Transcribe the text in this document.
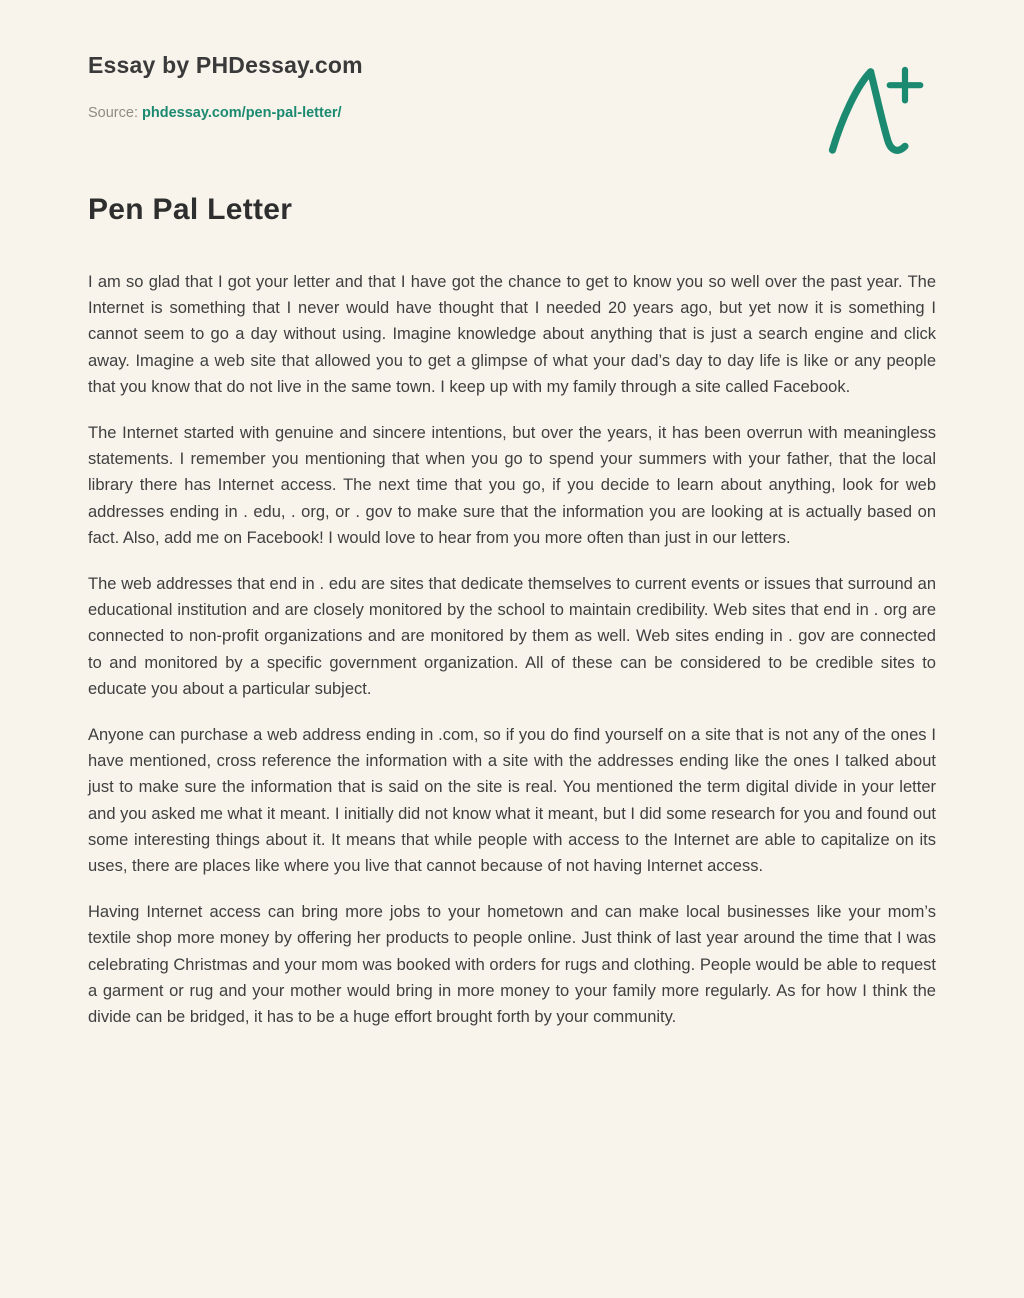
Essay by PHDessay.com
Source: phdessay.com/pen-pal-letter/
Pen Pal Letter

I am so glad that I got your letter and that I have got the chance to get to know you so well over the past year. The Internet is something that I never would have thought that I needed 20 years ago, but yet now it is something I cannot seem to go a day without using. Imagine knowledge about anything that is just a search engine and click away. Imagine a web site that allowed you to get a glimpse of what your dad’s day to day life is like or any people that you know that do not live in the same town. I keep up with my family through a site called Facebook.

The Internet started with genuine and sincere intentions, but over the years, it has been overrun with meaningless statements. I remember you mentioning that when you go to spend your summers with your father, that the local library there has Internet access. The next time that you go, if you decide to learn about anything, look for web addresses ending in . edu, . org, or . gov to make sure that the information you are looking at is actually based on fact. Also, add me on Facebook! I would love to hear from you more often than just in our letters.

The web addresses that end in . edu are sites that dedicate themselves to current events or issues that surround an educational institution and are closely monitored by the school to maintain credibility. Web sites that end in . org are connected to non-profit organizations and are monitored by them as well. Web sites ending in . gov are connected to and monitored by a specific government organization. All of these can be considered to be credible sites to educate you about a particular subject.

Anyone can purchase a web address ending in .com, so if you do find yourself on a site that is not any of the ones I have mentioned, cross reference the information with a site with the addresses ending like the ones I talked about just to make sure the information that is said on the site is real. You mentioned the term digital divide in your letter and you asked me what it meant. I initially did not know what it meant, but I did some research for you and found out some interesting things about it. It means that while people with access to the Internet are able to capitalize on its uses, there are places like where you live that cannot because of not having Internet access.

Having Internet access can bring more jobs to your hometown and can make local businesses like your mom’s textile shop more money by offering her products to people online. Just think of last year around the time that I was celebrating Christmas and your mom was booked with orders for rugs and clothing. People would be able to request a garment or rug and your mother would bring in more money to your family more regularly. As for how I think the divide can be bridged, it has to be a huge effort brought forth by your community.
